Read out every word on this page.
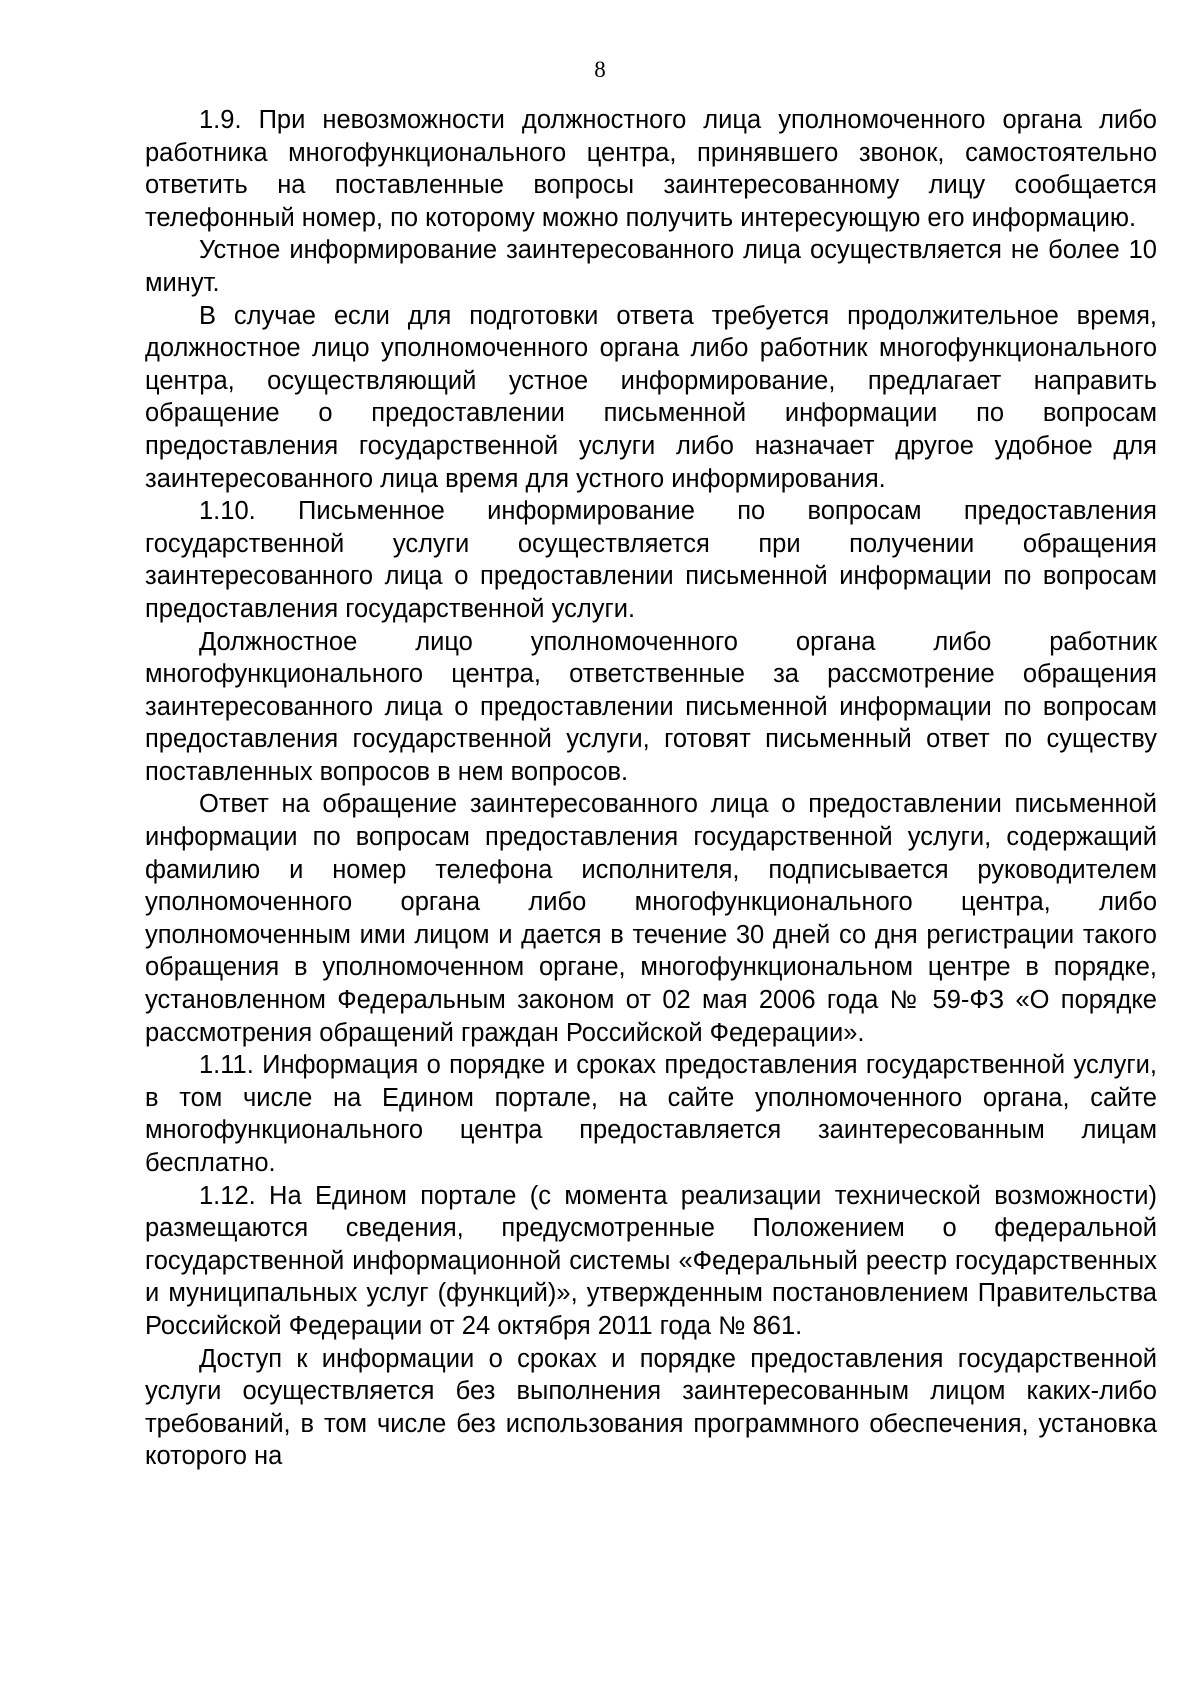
8

1.9. При невозможности должностного лица уполномоченного органа либо работника многофункционального центра, принявшего звонок, самостоятельно ответить на поставленные вопросы заинтересованному лицу сообщается телефонный номер, по которому можно получить интересующую его информацию.

Устное информирование заинтересованного лица осуществляется не более 10 минут.

В случае если для подготовки ответа требуется продолжительное время, должностное лицо уполномоченного органа либо работник многофункционального центра, осуществляющий устное информирование, предлагает направить обращение о предоставлении письменной информации по вопросам предоставления государственной услуги либо назначает другое удобное для заинтересованного лица время для устного информирования.

1.10. Письменное информирование по вопросам предоставления государственной услуги осуществляется при получении обращения заинтересованного лица о предоставлении письменной информации по вопросам предоставления государственной услуги.

Должностное лицо уполномоченного органа либо работник многофункционального центра, ответственные за рассмотрение обращения заинтересованного лица о предоставлении письменной информации по вопросам предоставления государственной услуги, готовят письменный ответ по существу поставленных вопросов в нем вопросов.

Ответ на обращение заинтересованного лица о предоставлении письменной информации по вопросам предоставления государственной услуги, содержащий фамилию и номер телефона исполнителя, подписывается руководителем уполномоченного органа либо многофункционального центра, либо уполномоченным ими лицом и дается в течение 30 дней со дня регистрации такого обращения в уполномоченном органе, многофункциональном центре в порядке, установленном Федеральным законом от 02 мая 2006 года № 59-ФЗ «О порядке рассмотрения обращений граждан Российской Федерации».

1.11. Информация о порядке и сроках предоставления государственной услуги, в том числе на Едином портале, на сайте уполномоченного органа, сайте многофункционального центра предоставляется заинтересованным лицам бесплатно.

1.12. На Едином портале (с момента реализации технической возможности) размещаются сведения, предусмотренные Положением о федеральной государственной информационной системы «Федеральный реестр государственных и муниципальных услуг (функций)», утвержденным постановлением Правительства Российской Федерации от 24 октября 2011 года № 861.

Доступ к информации о сроках и порядке предоставления государственной услуги осуществляется без выполнения заинтересованным лицом каких-либо требований, в том числе без использования программного обеспечения, установка которого на
